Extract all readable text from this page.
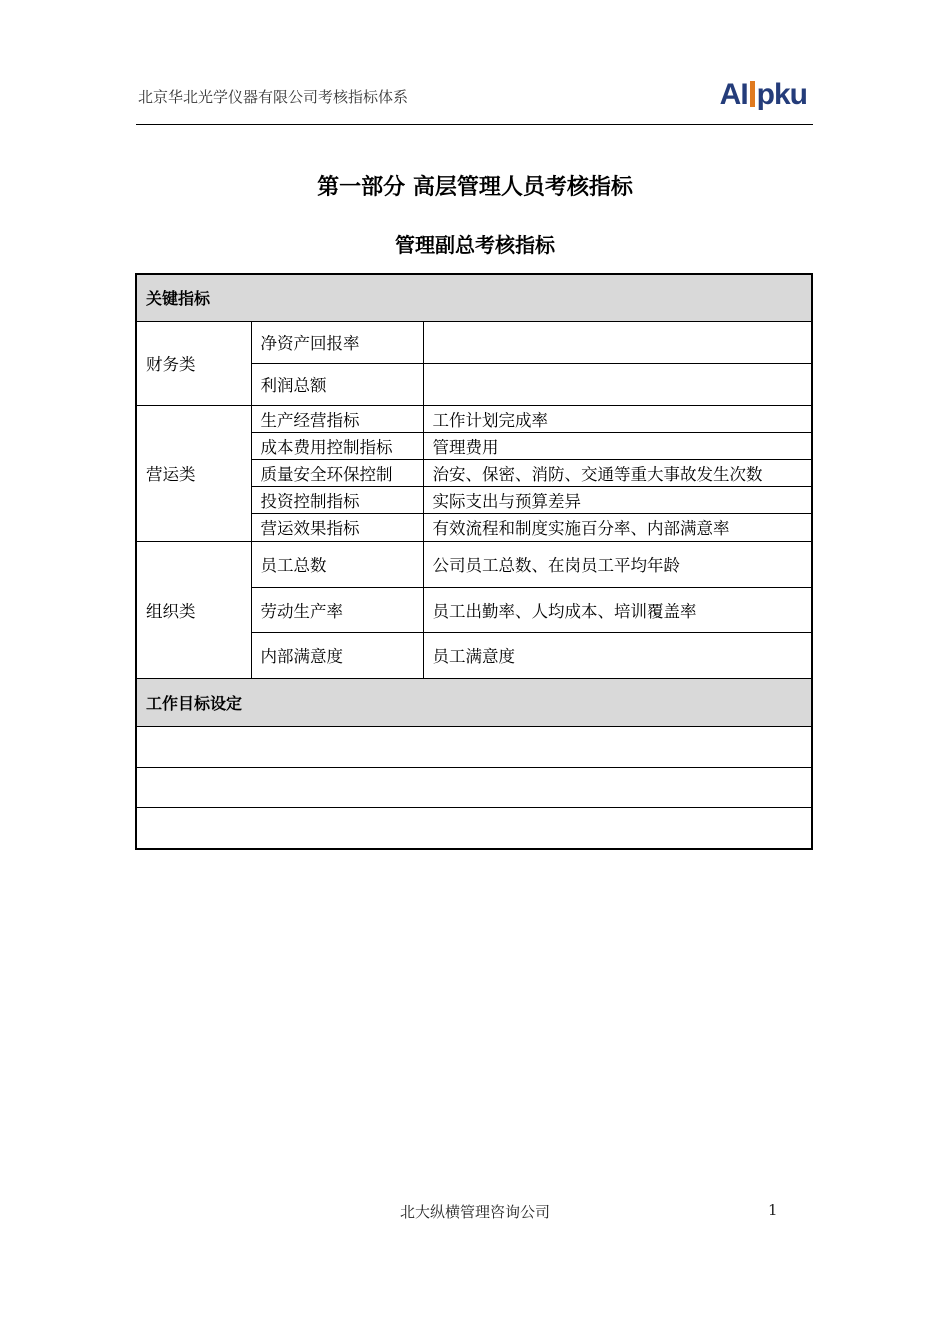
北京华北光学仪器有限公司考核指标体系	AI pku
第一部分 高层管理人员考核指标
管理副总考核指标
关键指标		
财务类	净资产回报率	
	利润总额	
营运类	生产经营指标	工作计划完成率
	成本费用控制指标	管理费用
	质量安全环保控制	治安、保密、消防、交通等重大事故发生次数
	投资控制指标	实际支出与预算差异
	营运效果指标	有效流程和制度实施百分率、内部满意率
组织类	员工总数	公司员工总数、在岗员工平均年龄
	劳动生产率	员工出勤率、人均成本、培训覆盖率
	内部满意度	员工满意度
工作目标设定		

北大纵横管理咨询公司	1
